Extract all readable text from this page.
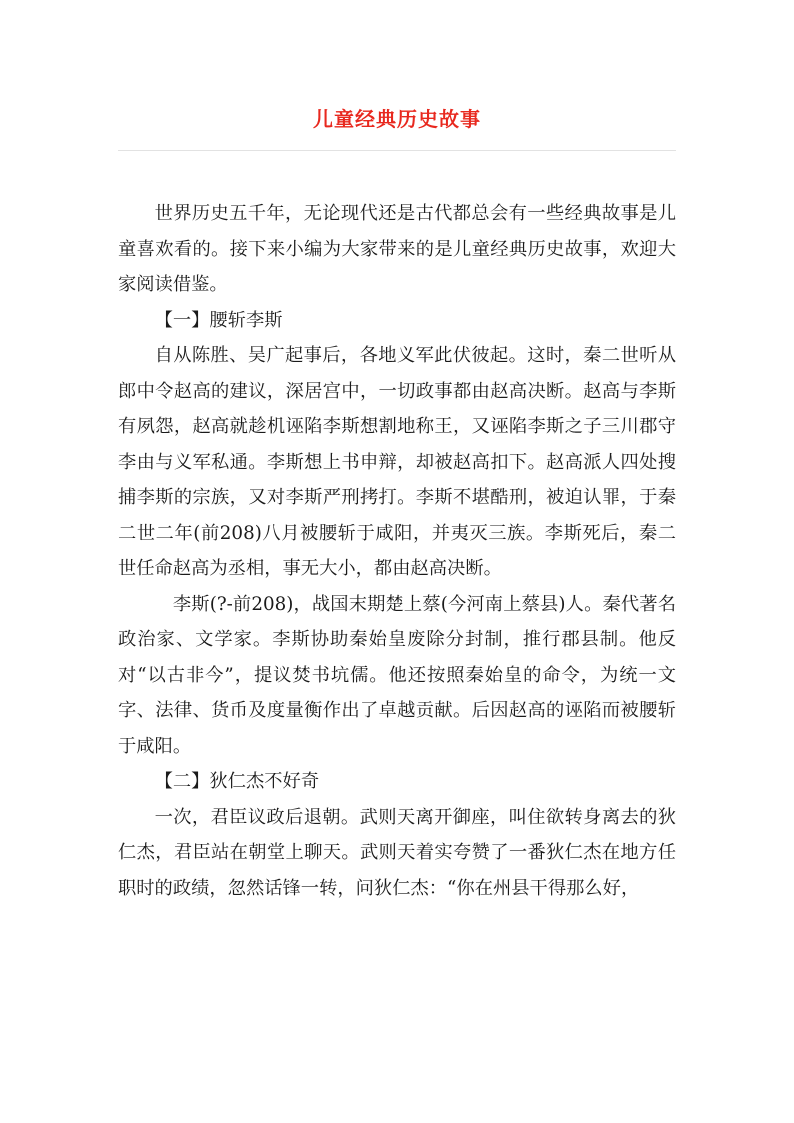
儿童经典历史故事

世界历史五千年，无论现代还是古代都总会有一些经典故事是儿童喜欢看的。接下来小编为大家带来的是儿童经典历史故事，欢迎大家阅读借鉴。

【一】腰斩李斯

自从陈胜、吴广起事后，各地义军此伏彼起。这时，秦二世听从郎中令赵高的建议，深居宫中，一切政事都由赵高决断。赵高与李斯有夙怨，赵高就趁机诬陷李斯想割地称王，又诬陷李斯之子三川郡守李由与义军私通。李斯想上书申辩，却被赵高扣下。赵高派人四处搜捕李斯的宗族，又对李斯严刑拷打。李斯不堪酷刑，被迫认罪，于秦二世二年(前208)八月被腰斩于咸阳，并夷灭三族。李斯死后，秦二世任命赵高为丞相，事无大小，都由赵高决断。

李斯(?-前208)，战国末期楚上蔡(今河南上蔡县)人。秦代著名政治家、文学家。李斯协助秦始皇废除分封制，推行郡县制。他反对“以古非今”，提议焚书坑儒。他还按照秦始皇的命令，为统一文字、法律、货币及度量衡作出了卓越贡献。后因赵高的诬陷而被腰斩于咸阳。

【二】狄仁杰不好奇

一次，君臣议政后退朝。武则天离开御座，叫住欲转身离去的狄仁杰，君臣站在朝堂上聊天。武则天着实夸赞了一番狄仁杰在地方任职时的政绩，忽然话锋一转，问狄仁杰：“你在州县干得那么好，
